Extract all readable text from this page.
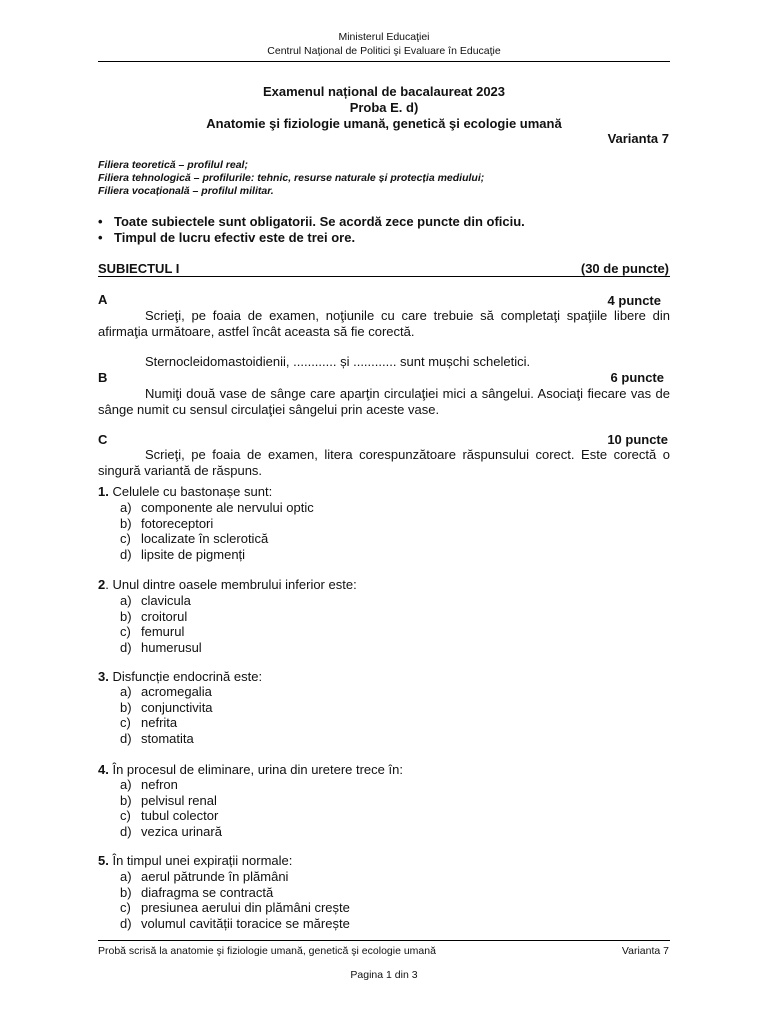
Ministerul Educaţiei
Centrul Naţional de Politici şi Evaluare în Educaţie
Examenul național de bacalaureat 2023
Proba E. d)
Anatomie şi fiziologie umană, genetică şi ecologie umană
Varianta 7
Filiera teoretică – profilul real;
Filiera tehnologică – profilurile: tehnic, resurse naturale și protecția mediului;
Filiera vocațională – profilul militar.
• Toate subiectele sunt obligatorii. Se acordă zece puncte din oficiu.
• Timpul de lucru efectiv este de trei ore.
SUBIECTUL I	(30 de puncte)
A	4 puncte
Scrieţi, pe foaia de examen, noţiunile cu care trebuie să completaţi spaţiile libere din afirmaţia următoare, astfel încât aceasta să fie corectă.
Sternocleidomastoidienii, ............ și ............ sunt mușchi scheletici.
B	6 puncte
Numiţi două vase de sânge care aparţin circulaţiei mici a sângelui. Asociaţi fiecare vas de sânge numit cu sensul circulaţiei sângelui prin aceste vase.
C	10 puncte
Scrieţi, pe foaia de examen, litera corespunzătoare răspunsului corect. Este corectă o singură variantă de răspuns.
1. Celulele cu bastonașe sunt:
a) componente ale nervului optic
b) fotoreceptori
c) localizate în sclerotică
d) lipsite de pigmenți
2. Unul dintre oasele membrului inferior este:
a) clavicula
b) croitorul
c) femurul
d) humerusul
3. Disfuncție endocrină este:
a) acromegalia
b) conjunctivita
c) nefrita
d) stomatita
4. În procesul de eliminare, urina din uretere trece în:
a) nefron
b) pelvisul renal
c) tubul colector
d) vezica urinară
5. În timpul unei expirații normale:
a) aerul pătrunde în plămâni
b) diafragma se contractă
c) presiunea aerului din plămâni crește
d) volumul cavității toracice se mărește
Probă scrisă la anatomie şi fiziologie umană, genetică şi ecologie umană	Varianta 7
Pagina 1 din 3
